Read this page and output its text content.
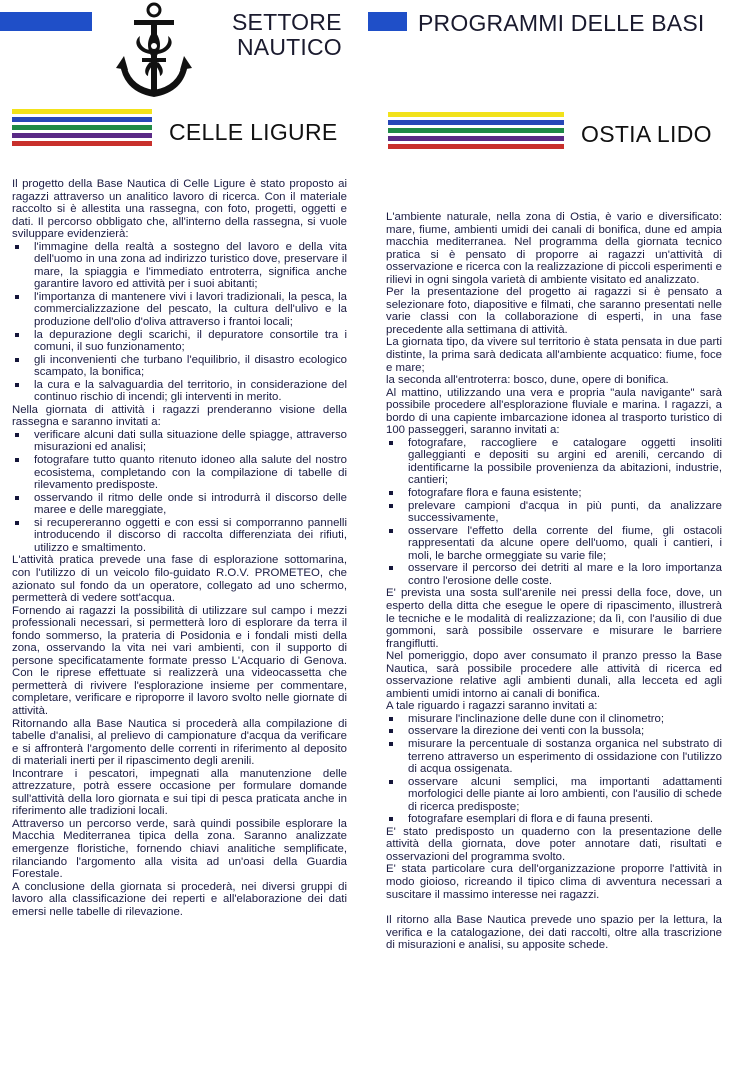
SETTORE
NAUTICO
PROGRAMMI DELLE BASI
CELLE LIGURE	OSTIA LIDO

Il progetto della Base Nautica di Celle Ligure è stato proposto ai ragazzi attraverso un analitico lavoro di ricerca. Con il materiale raccolto si è allestita una rassegna, con foto, progetti, oggetti e dati. Il percorso obbligato che, all'interno della rassegna, si vuole sviluppare evidenzierà:

l'immagine della realtà a sostegno del lavoro e della vita dell'uomo in una zona ad indirizzo turistico dove, preservare il mare, la spiaggia e l'immediato entroterra, significa anche garantire lavoro ed attività per i suoi abitanti;
l'importanza di mantenere vivi i lavori tradizionali, la pesca, la commercializzazione del pescato, la cultura dell'ulivo e la produzione dell'olio d'oliva attraverso i frantoi locali;
la depurazione degli scarichi, il depuratore consortile tra i comuni, il suo funzionamento;
gli inconvenienti che turbano l'equilibrio, il disastro ecologico scampato, la bonifica;
la cura e la salvaguardia del territorio, in considerazione del continuo rischio di incendi; gli interventi in merito.

Nella giornata di attività i ragazzi prenderanno visione della rassegna e saranno invitati a:

verificare alcuni dati sulla situazione delle spiagge, attraverso misurazioni ed analisi;
fotografare tutto quanto ritenuto idoneo alla salute del nostro ecosistema, completando con la compilazione di tabelle di rilevamento predisposte.
osservando il ritmo delle onde si introdurrà il discorso delle maree e delle mareggiate,
si recupereranno oggetti e con essi si comporranno pannelli introducendo il discorso di raccolta differenziata dei rifiuti, utilizzo e smaltimento.

L'attività pratica prevede una fase di esplorazione sottomarina, con l'utilizzo di un veicolo filo-guidato R.O.V. PROMETEO, che azionato sul fondo da un operatore, collegato ad uno schermo, permetterà di vedere sott'acqua.

Fornendo ai ragazzi la possibilità di utilizzare sul campo i mezzi professionali necessari, si permetterà loro di esplorare da terra il fondo sommerso, la prateria di Posidonia e i fondali misti della zona, osservando la vita nei vari ambienti, con il supporto di persone specificatamente formate presso L'Acquario di Genova. Con le riprese effettuate si realizzerà una videocassetta che permetterà di rivivere l'esplorazione insieme per commentare, completare, verificare e riproporre il lavoro svolto nelle giornate di attività.

Ritornando alla Base Nautica si procederà alla compilazione di tabelle d'analisi, al prelievo di campionature d'acqua da verificare e si affronterà l'argomento delle correnti in riferimento al deposito di materiali inerti per il ripascimento degli arenili.

Incontrare i pescatori, impegnati alla manutenzione delle attrezzature, potrà essere occasione per formulare domande sull'attività della loro giornata e sui tipi di pesca praticata anche in riferimento alle tradizioni locali.

Attraverso un percorso verde, sarà quindi possibile esplorare la Macchia Mediterranea tipica della zona. Saranno analizzate emergenze floristiche, fornendo chiavi analitiche semplificate, rilanciando l'argomento alla visita ad un'oasi della Guardia Forestale.

A conclusione della giornata si procederà, nei diversi gruppi di lavoro alla classificazione dei reperti e all'elaborazione dei dati emersi nelle tabelle di rilevazione.

L'ambiente naturale, nella zona di Ostia, è vario e diversificato: mare, fiume, ambienti umidi dei canali di bonifica, dune ed ampia macchia mediterranea. Nel programma della giornata tecnico pratica si è pensato di proporre ai ragazzi un'attività di osservazione e ricerca con la realizzazione di piccoli esperimenti e rilievi in ogni singola varietà di ambiente visitato ed analizzato.

Per la presentazione del progetto ai ragazzi si è pensato a selezionare foto, diapositive e filmati, che saranno presentati nelle varie classi con la collaborazione di esperti, in una fase precedente alla settimana di attività.

La giornata tipo, da vivere sul territorio è stata pensata in due parti distinte, la prima sarà dedicata all'ambiente acquatico: fiume, foce e mare;

la seconda all'entroterra: bosco, dune, opere di bonifica.

Al mattino, utilizzando una vera e propria "aula navigante" sarà possibile procedere all'esplorazione fluviale e marina. I ragazzi, a bordo di una capiente imbarcazione idonea al trasporto turistico di 100 passeggeri, saranno invitati a:

fotografare, raccogliere e catalogare oggetti insoliti galleggianti e depositi su argini ed arenili, cercando di identificarne la possibile provenienza da abitazioni, industrie, cantieri;
fotografare flora e fauna esistente;
prelevare campioni d'acqua in più punti, da analizzare successivamente,
osservare l'effetto della corrente del fiume, gli ostacoli rappresentati da alcune opere dell'uomo, quali i cantieri, i moli, le barche ormeggiate su varie file;
osservare il percorso dei detriti al mare e la loro importanza contro l'erosione delle coste.

E' prevista una sosta sull'arenile nei pressi della foce, dove, un esperto della ditta che esegue le opere di ripascimento, illustrerà le tecniche e le modalità di realizzazione; da lì, con l'ausilio di due gommoni, sarà possibile osservare e misurare le barriere frangiflutti.

Nel pomeriggio, dopo aver consumato il pranzo presso la Base Nautica, sarà possibile procedere alle attività di ricerca ed osservazione relative agli ambienti dunali, alla lecceta ed agli ambienti umidi intorno ai canali di bonifica.

A tale riguardo i ragazzi saranno invitati a:

misurare l'inclinazione delle dune con il clinometro;
osservare la direzione dei venti con la bussola;
misurare la percentuale di sostanza organica nel substrato di terreno attraverso un esperimento di ossidazione con l'utilizzo di acqua ossigenata.
osservare alcuni semplici, ma importanti adattamenti morfologici delle piante ai loro ambienti, con l'ausilio di schede di ricerca predisposte;
fotografare esemplari di flora e di fauna presenti.

E' stato predisposto un quaderno con la presentazione delle attività della giornata, dove poter annotare dati, risultati e osservazioni del programma svolto.

E' stata particolare cura dell'organizzazione proporre l'attività in modo gioioso, ricreando il tipico clima di avventura necessari a suscitare il massimo interesse nei ragazzi.

Il ritorno alla Base Nautica prevede uno spazio per la lettura, la verifica e la catalogazione, dei dati raccolti, oltre alla trascrizione di misurazioni e analisi, su apposite schede.
